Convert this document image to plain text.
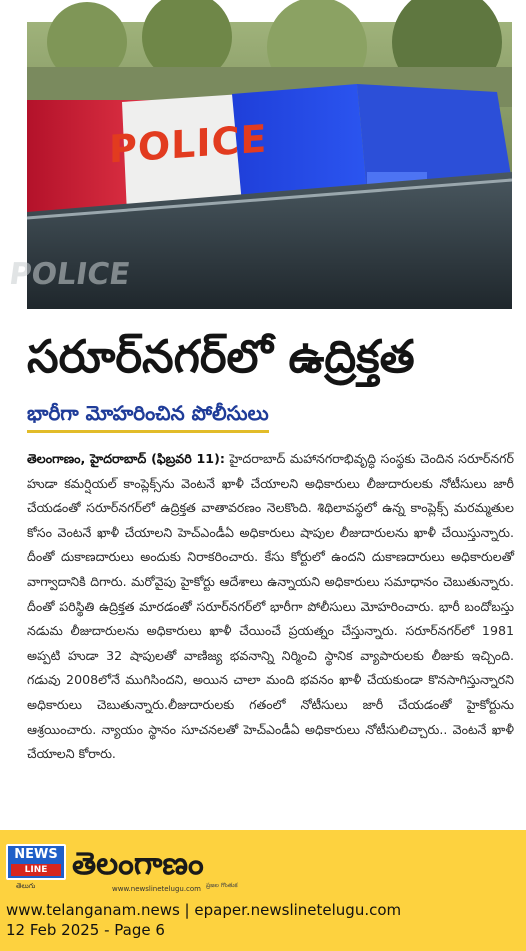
POLICE
POLICE
సరూర్‌నగర్‌లో ఉద్రిక్తత
భారీగా మోహరించిన పోలీసులు
తెలంగాణం, హైదరాబాద్ (ఫిబ్రవరి 11): హైదరాబాద్ మహానగరాభివృద్ధి సంస్థకు చెందిన సరూర్‌నగర్ హుడా కమర్షియల్ కాంప్లెక్స్‌ను వెంటనే ఖాళీ చేయాలని అధికారులు లీజుదారులకు నోటీసులు జారీ చేయడంతో సరూర్‌నగర్‌లో ఉద్రిక్తత వాతావరణం నెలకొంది. శిథిలావస్థలో ఉన్న కాంప్లెక్స్ మరమ్మతుల కోసం వెంటనే ఖాళీ చేయాలని హెచ్ఎండీఏ అధికారులు షాపుల లీజుదారులను ఖాళీ చేయిస్తున్నారు. దీంతో దుకాణదారులు అందుకు నిరాకరించారు. కేసు కోర్టులో ఉందని దుకాణదారులు అధికారులతో వాగ్వాదానికి దిగారు. మరోవైపు హైకోర్టు ఆదేశాలు ఉన్నాయని అధికారులు సమాధానం చెబుతున్నారు. దీంతో పరిస్థితి ఉద్రిక్తత మారడంతో సరూర్‌నగర్‌లో భారీగా పోలీసులు మోహరించారు. భారీ బందోబస్తు నడుమ లీజుదారులను అధికారులు ఖాళీ చేయించే ప్రయత్నం చేస్తున్నారు. సరూర్‌నగర్‌లో 1981 అప్పటి హుడా 32 షాపులతో వాణిజ్య భవనాన్ని నిర్మించి స్థానిక వ్యాపారులకు లీజుకు ఇచ్చింది. గడువు 2008లోనే ముగిసిందని, అయిన చాలా మంది భవనం ఖాళీ చేయకుండా కొనసాగిస్తున్నారని అధికారులు చెబుతున్నారు.లీజుదారులకు గతంలో నోటీసులు జారీ చేయడంతో హైకోర్టును ఆశ్రయించారు. న్యాయం స్థానం సూచనలతో హెచ్ఎండీఏ అధికారులు నోటీసులిచ్చారు.. వెంటనే ఖాళీ చేయాలని కోరారు.
NEWS
LINE
తెలుగు
తెలంగాణం
www.newslinetelugu.com ప్రజల గొంతుక
www.telanganam.news | epaper.newslinetelugu.com
12 Feb 2025 - Page 6
